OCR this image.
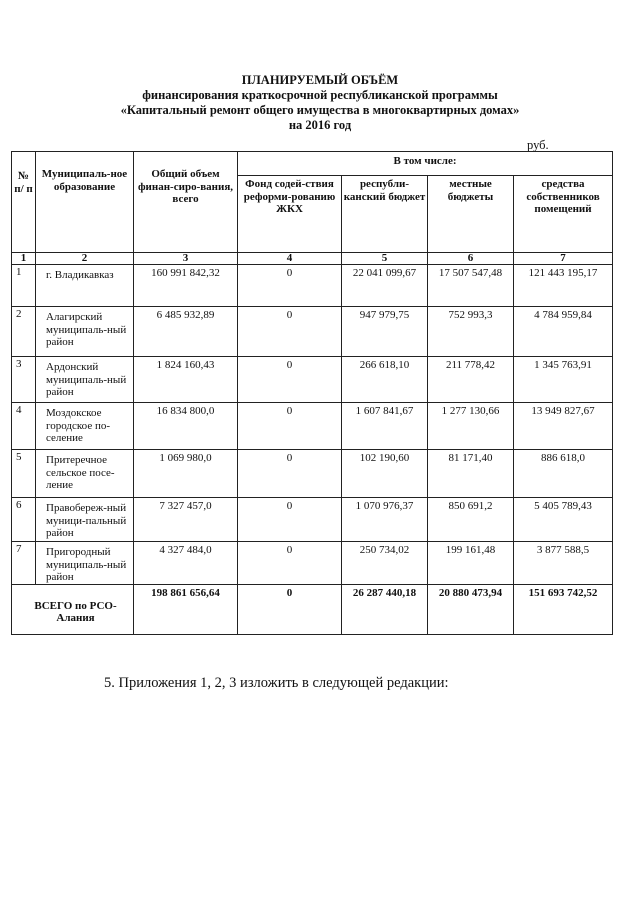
ПЛАНИРУЕМЫЙ ОБЪЁМ
финансирования краткосрочной республиканской программы
«Капитальный ремонт общего имущества в многоквартирных домах»
на 2016 год
руб.
№ п/ п	Муниципаль-ное образование	Общий объем финан-сиро-вания, всего	В том числе:			
			Фонд содей-ствия реформи-рованию ЖКХ	республи-канский бюджет	местные бюджеты	средства собственников помещений
1	2	3	4	5	6	7
1	г. Владикавказ	160 991 842,32	0	22 041 099,67	17 507 547,48	121 443 195,17
2	Алагирский муниципаль-ный район	6 485 932,89	0	947 979,75	752 993,3	4 784 959,84
3	Ардонский муниципаль-ный район	1 824 160,43	0	266 618,10	211 778,42	1 345 763,91
4	Моздокское городское по-селение	16 834 800,0	0	1 607 841,67	1 277 130,66	13 949 827,67
5	Притеречное сельское посе-ление	1 069 980,0	0	102 190,60	81 171,40	886 618,0
6	Правобереж-ный муници-пальный район	7 327 457,0	0	1 070 976,37	850 691,2	5 405 789,43
7	Пригородный муниципаль-ный район	4 327 484,0	0	250 734,02	199 161,48	3 877 588,5
ВСЕГО по РСО-Алания		198 861 656,64	0	26 287 440,18	20 880 473,94	151 693 742,52
5. Приложения 1, 2, 3 изложить в следующей редакции:
